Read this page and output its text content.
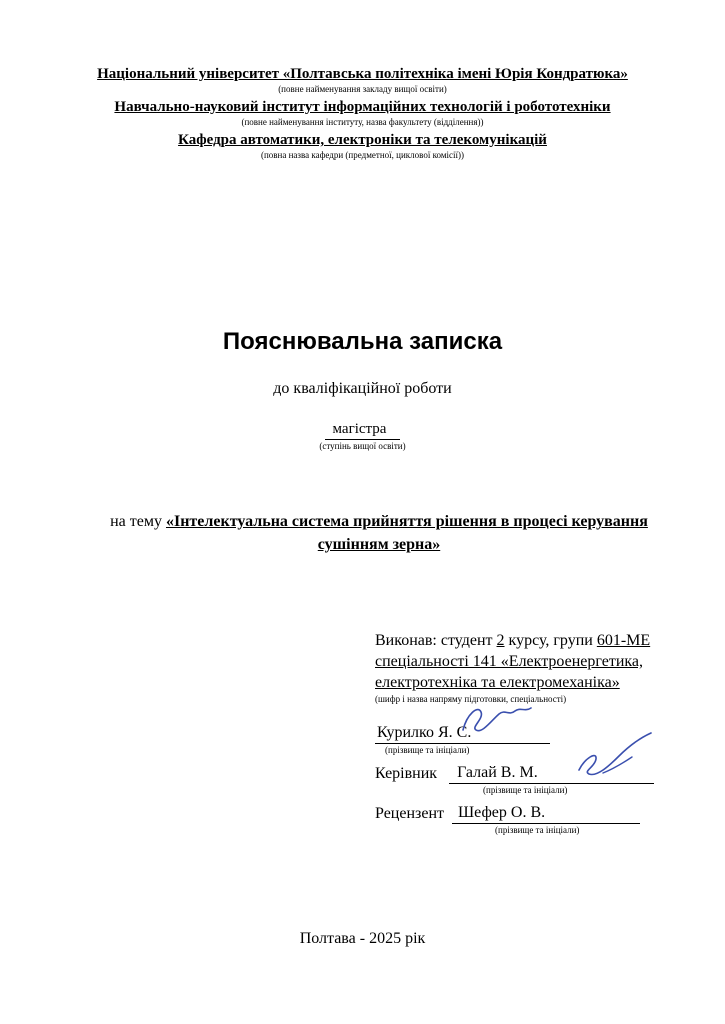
Національний університет «Полтавська політехніка імені Юрія Кондратюка»
(повне найменування закладу вищої освіти)
Навчально-науковий інститут інформаційних технологій і робототехніки
(повне найменування інституту, назва факультету (відділення))
Кафедра автоматики, електроніки та телекомунікацій
(повна назва кафедри (предметної, циклової комісії))
Пояснювальна записка
до кваліфікаційної роботи
магістра
(ступінь вищої освіти)
на тему «Інтелектуальна система прийняття рішення в процесі керування сушінням зерна»
Виконав: студент 2 курсу, групи 601-МЕ
спеціальності 141 «Електроенергетика, електротехніка та електромеханіка»
(шифр і назва напряму підготовки, спеціальності)
Курилко Я. С.
(прізвище та ініціали)
Керівник Галай В. М.
(прізвище та ініціали)
Рецензент Шефер О. В.
(прізвище та ініціали)
Полтава - 2025 рік
